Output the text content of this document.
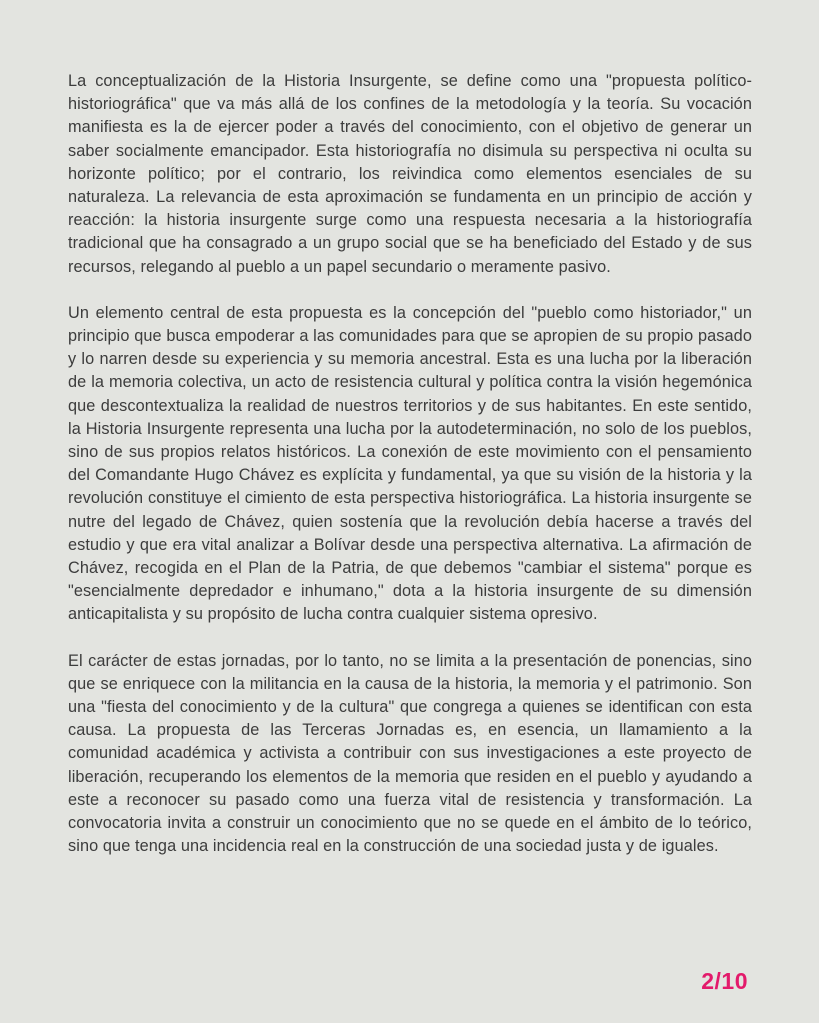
La conceptualización de la Historia Insurgente, se define como una "propuesta político-historiográfica" que va más allá de los confines de la metodología y la teoría. Su vocación manifiesta es la de ejercer poder a través del conocimiento, con el objetivo de generar un saber socialmente emancipador. Esta historiografía no disimula su perspectiva ni oculta su horizonte político; por el contrario, los reivindica como elementos esenciales de su naturaleza. La relevancia de esta aproximación se fundamenta en un principio de acción y reacción: la historia insurgente surge como una respuesta necesaria a la historiografía tradicional que ha consagrado a un grupo social que se ha beneficiado del Estado y de sus recursos, relegando al pueblo a un papel secundario o meramente pasivo.

Un elemento central de esta propuesta es la concepción del "pueblo como historiador," un principio que busca empoderar a las comunidades para que se apropien de su propio pasado y lo narren desde su experiencia y su memoria ancestral. Esta es una lucha por la liberación de la memoria colectiva, un acto de resistencia cultural y política contra la visión hegemónica que descontextualiza la realidad de nuestros territorios y de sus habitantes. En este sentido, la Historia Insurgente representa una lucha por la autodeterminación, no solo de los pueblos, sino de sus propios relatos históricos. La conexión de este movimiento con el pensamiento del Comandante Hugo Chávez es explícita y fundamental, ya que su visión de la historia y la revolución constituye el cimiento de esta perspectiva historiográfica. La historia insurgente se nutre del legado de Chávez, quien sostenía que la revolución debía hacerse a través del estudio y que era vital analizar a Bolívar desde una perspectiva alternativa. La afirmación de Chávez, recogida en el Plan de la Patria, de que debemos "cambiar el sistema" porque es "esencialmente depredador e inhumano," dota a la historia insurgente de su dimensión anticapitalista y su propósito de lucha contra cualquier sistema opresivo.

El carácter de estas jornadas, por lo tanto, no se limita a la presentación de ponencias, sino que se enriquece con la militancia en la causa de la historia, la memoria y el patrimonio. Son una "fiesta del conocimiento y de la cultura" que congrega a quienes se identifican con esta causa. La propuesta de las Terceras Jornadas es, en esencia, un llamamiento a la comunidad académica y activista a contribuir con sus investigaciones a este proyecto de liberación, recuperando los elementos de la memoria que residen en el pueblo y ayudando a este a reconocer su pasado como una fuerza vital de resistencia y transformación. La convocatoria invita a construir un conocimiento que no se quede en el ámbito de lo teórico, sino que tenga una incidencia real en la construcción de una sociedad justa y de iguales.

2/10
